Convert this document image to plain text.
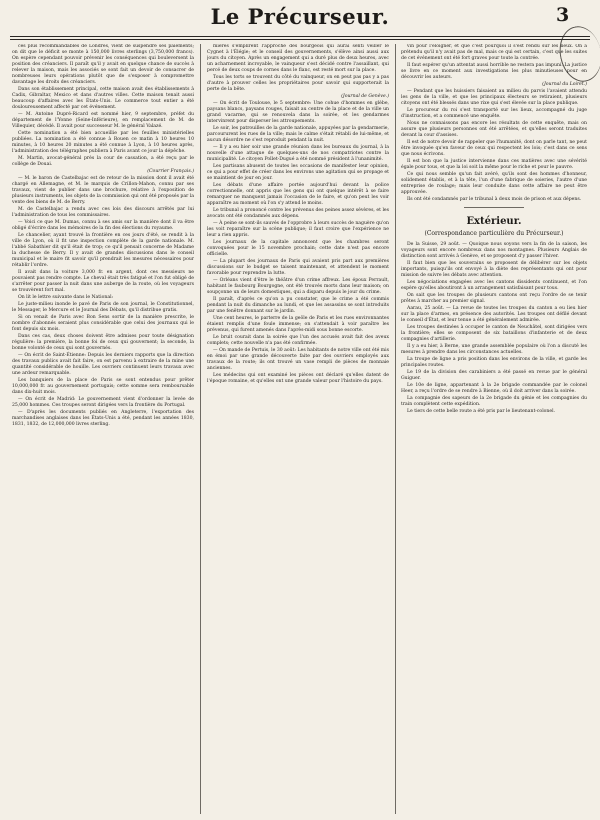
Le Précurseur.	3

ces plus recommandables de Londres, vient de suspendre ses paiements; on dit que le déficit se monte à 150,000 livres sterlings (3,750,000 francs). On espère cependant pouvoir prévenir les conséquences qui bouleversent la position des créanciers. Il paraît qu'il y avait en quelque chance de succès à relever la maison, mais les associés se sont fait un devoir de consacrer de nombreuses leurs opérations plutôt que de s'exposer à compromettre davantage les droits des créanciers.

Dans son établissement principal, cette maison avait des établissements à Cadix, Gibraltar, Mexico et dans d'autres villes. Cette maison tenait aussi beaucoup d'affaires avec les États-Unis. Le commerce tout entier a été douloureusement affecté par cet événement.

— M. Antoine Dupré-Ricard est nommé hier, 9 septembre, préfet du département de l'Yonne (Seine-Inférieure), en remplacement de M. de Villequier, décédé. Il avait pour successeur M. le général Valazé.

Cette nomination a été bien accueillie par les feuilles ministérielles publiées. La nomination a été connue à Rouen ce matin à 10 heures 10 minutes, à 10 heures 20 minutes a été connue à Lyon, à 10 heures après, l'administration des télégraphes publiera à Paris avant ce jour la dépêche.

M. Martin, avocat-général près la cour de cassation, a été reçu par le collège de Douai.

(Courrier Français.)

— M. le baron de Castelbajac est de retour de la mission dont il avait été chargé en Allemagne, et M. le marquis de Crillon-Mahon, connu par ses travaux, vient de publier dans une brochure, relative à l'exposition de plusieurs instruments, les objets de la commission qui ont été proposés par la vente des biens de M. de Berry.

M. de Castelbajac a rendu avec ces lois des discours arrêtés par lui l'administration de tous les commissaires.

— Voici ce que M. Dumas, connu à ses amis sur la manière dont il va être obligé d'écrire dans les mémoires de la fin des élections du royaume.

Le chancelier, ayant trouvé la frontière en ces jours d'été, se rendit à la ville de Lyon, où il fit une inspection complète de la garde nationale. M. l'abbé Sabathier dit qu'il était de trop; ce qu'il pensait concerne de Madame la duchesse de Berry. Il y avait de grandes discussions dans le conseil municipal et le maire fit savoir qu'il prendrait les mesures nécessaires pour rétablir l'ordre.

Il avait dans la voiture 3,000 fr. en argent, dont ces messieurs ne pouvaient pas rendre compte. Le cheval était très fatigué et l'on fut obligé de s'arrêter pour passer la nuit dans une auberge de la route, où les voyageurs se trouvèrent fort mal.

On lit le lettre suivante dans le National:

Le juste-milieu inonde le pavé de Paris de son journal, le Constitutionnel, le Messager, le Mercure et le Journal des Débats, qu'il distribue gratis.

Si on venait de Paris avec Bon Sens sortir de la manière prescrite, le nombre d'abonnés seraient plus considérable que celui des journaux qui le font depuis six mois.

Dans ces cas, deux choses doivent être admises pour toute désignation régulière: la première, la bonne foi de ceux qui gouvernent; la seconde, la bonne volonté de ceux qui sont gouvernés.

— On écrit de Saint-Étienne: Depuis les derniers rapports que la direction des travaux publics avait fait faire, on est parvenu à extraire de la mine une quantité considérable de houille. Les ouvriers continuent leurs travaux avec une ardeur remarquable.

Les banquiers de la place de Paris se sont entendus pour prêter 10,000,000 fr. au gouvernement portugais; cette somme sera remboursable dans dix-huit mois.

— On écrit de Madrid: Le gouvernement vient d'ordonner la levée de 25,000 hommes. Ces troupes seront dirigées vers la frontière du Portugal.

— D'après les documents publiés en Angleterre, l'exportation des marchandises anglaises dans les États-Unis a été, pendant les années 1830, 1831, 1832, de 12,000,000 livres sterling.

mières s'emplirent l'approche des bourgeois qui aurai senti veiller le Cygnet à l'Élégie; et le conseil des gouvernements, s'élève ainsi aussi aux jours du citoyen. Après un engagement qui a duré plus de deux heures, avec un acharnement incroyable, le vainqueur s'est décidé contre l'assaillant, qui percé de deux coups de cornes dans le flanc, est resté mort sur la place.

Tous les torts se trouvent du côté du vainqueur, on en peut pas pas y a pas d'autre à prouver celles les propriétaires pour savoir qui supporterait la perte de la bête.

(Journal de Genève.)

— On écrit de Toulouse, le 5 septembre: Une cohue d'hommes en glèbe, paysans blancs, paysans rouges, faisait au centre de la place et de la ville un grand vacarme, qui se renouvela dans la soirée, et les gendarmes intervinrent pour disperser les attroupements.

Le soir, les patrouilles de la garde nationale, appuyées par la gendarmerie, parcoururent les rues de la ville; mais le calme s'était rétabli de lui-même, et aucun désordre ne s'est reproduit pendant la nuit.

— Il y a eu hier soir une grande réunion dans les bureaux du journal, à la nouvelle d'une attaque de quelques-uns de nos compatriotes contre la municipalité. Le citoyen Pollet-Dugué a été nommé président à l'unanimité.

Les partisans abusent de toutes les occasions de manifester leur opinion, ce qui a pour effet de créer dans les environs une agitation qui se propage et se maintient de jour en jour.

Les débats d'une affaire portée aujourd'hui devant la police correctionnelle, ont appris que les gens qui ont quelque intérêt à se faire remarquer ne manquent jamais l'occasion de le faire, et qu'on peut les voir apparaître au moment où l'on s'y attend le moins.

Le tribunal a prononcé contre les prévenus des peines assez sévères, et les avocats ont été condamnés aux dépens.

— À peine se sont-ils sauvés de l'opprobre à leurs succès de naguère qu'on les voit reparaître sur la scène publique; il faut croire que l'expérience ne leur a rien appris.

Les journaux de la capitale annoncent que les chambres seront convoquées pour le 15 novembre prochain; cette date n'est pas encore officielle.

— La plupart des journaux de Paris qui avaient pris part aux premières discussions sur le budget se taisent maintenant, et attendent le moment favorable pour reprendre la lutte.

— Orléans vient d'être le théâtre d'un crime affreux. Les époux Perrault, habitant le faubourg Bourgogne, ont été trouvés morts dans leur maison; on soupçonne un de leurs domestiques, qui a disparu depuis le jour du crime.

Il paraît, d'après ce qu'on a pu constater, que le crime a été commis pendant la nuit du dimanche au lundi, et que les assassins se sont introduits par une fenêtre donnant sur le jardin.

Une cent heures, le parterre de la geôle de Paris et les rues environnantes étaient remplis d'une foule immense; on s'attendait à voir paraître les prévenus, qui furent amenés dans l'après-midi sous bonne escorte.

Le bruit courait dans la soirée que l'un des accusés avait fait des aveux complets; cette nouvelle n'a pas été confirmée.

— On mande de Pertuis, le 30 août: Les habitants de notre ville ont été mis en émoi par une grande découverte faite par des ouvriers employés aux travaux de la route; ils ont trouvé un vase rempli de pièces de monnaie anciennes.

Les médecins qui ont examiné les pièces ont déclaré qu'elles datent de l'époque romaine, et qu'elles ont une grande valeur pour l'histoire du pays.

vin pour l'éloigner, et que c'est pourquoi il s'est rendu sur les lieux. On a prétendu qu'il n'y avait pas de mal, mais ce qui est certain, c'est que les suites de cet événement ont été fort graves pour toute la contrée.

Il faut espérer qu'un attentat aussi horrible ne restera pas impuni. La justice se livre en ce moment aux investigations les plus minutieuses pour en découvrir les auteurs.

(Journal du Loiret.)

— Pendant que les huissiers faisaient au milieu du parvis l'avaient attendu les gens de la ville, et que les principaux électeurs se retiraient, plusieurs citoyens ont été blessés dans une rixe qui s'est élevée sur la place publique.

Le procureur du roi s'est transporté sur les lieux, accompagné du juge d'instruction, et a commencé une enquête.

Nous ne connaissons pas encore les résultats de cette enquête, mais on assure que plusieurs personnes ont été arrêtées, et qu'elles seront traduites devant la cour d'assises.

Il est de notre devoir de rappeler que l'humanité, dont on parle tant, ne peut être invoquée qu'en faveur de ceux qui respectent les lois; c'est dans ce sens que nous écrivons.

Il est bon que la justice intervienne dans ces matières avec une sévérité égale pour tous, et que la loi soit la même pour le riche et pour le pauvre.

Ce qui nous semble qu'un fait avéré, qu'ils sont des hommes d'honneur, solidement établis, et à la tête, l'un d'une fabrique de soieries, l'autre d'une entreprise de roulage; mais leur conduite dans cette affaire ne peut être approuvée.

Ils ont été condamnés par le tribunal à deux mois de prison et aux dépens.

Extérieur.
(Correspondance particulière du Précurseur.)

De la Suisse, 29 août. — Quoique nous soyons vers la fin de la saison, les voyageurs sont encore nombreux dans nos montagnes. Plusieurs Anglais de distinction sont arrivés à Genève, et se proposent d'y passer l'hiver.

Il faut bien que les souverains se proposent de délibérer sur les objets importants, puisqu'ils ont envoyé à la diète des représentants qui ont pour mission de suivre les débats avec attention.

Les négociations engagées avec les cantons dissidents continuent, et l'on espère qu'elles aboutiront à un arrangement satisfaisant pour tous.

On sait que les troupes de plusieurs cantons ont reçu l'ordre de se tenir prêtes à marcher au premier signal.

Aarau, 25 août. — La revue de toutes les troupes du canton a eu lieu hier sur la place d'armes, en présence des autorités. Les troupes ont défilé devant le conseil d'État, et leur tenue a été généralement admirée.

Les troupes destinées à occuper le canton de Neuchâtel, sont dirigées vers la frontière; elles se composent de six bataillons d'infanterie et de deux compagnies d'artillerie.

Il y a eu hier, à Berne, une grande assemblée populaire où l'on a discuté les mesures à prendre dans les circonstances actuelles.

La troupe de ligne a pris position dans les environs de la ville, et garde les principales routes.

Le 19 de la division des carabiniers a été passé en revue par le général Guiguer.

Le 10e de ligne, appartenant à la 2e brigade commandée par le colonel Heer, a reçu l'ordre de se rendre à Bienne, où il doit arriver dans la soirée.

La compagnie des sapeurs de la 2e brigade du génie et les compagnies du train complètent cette expédition.

Le tiers de cette belle route a été pris par le lieutenant-colonel.
